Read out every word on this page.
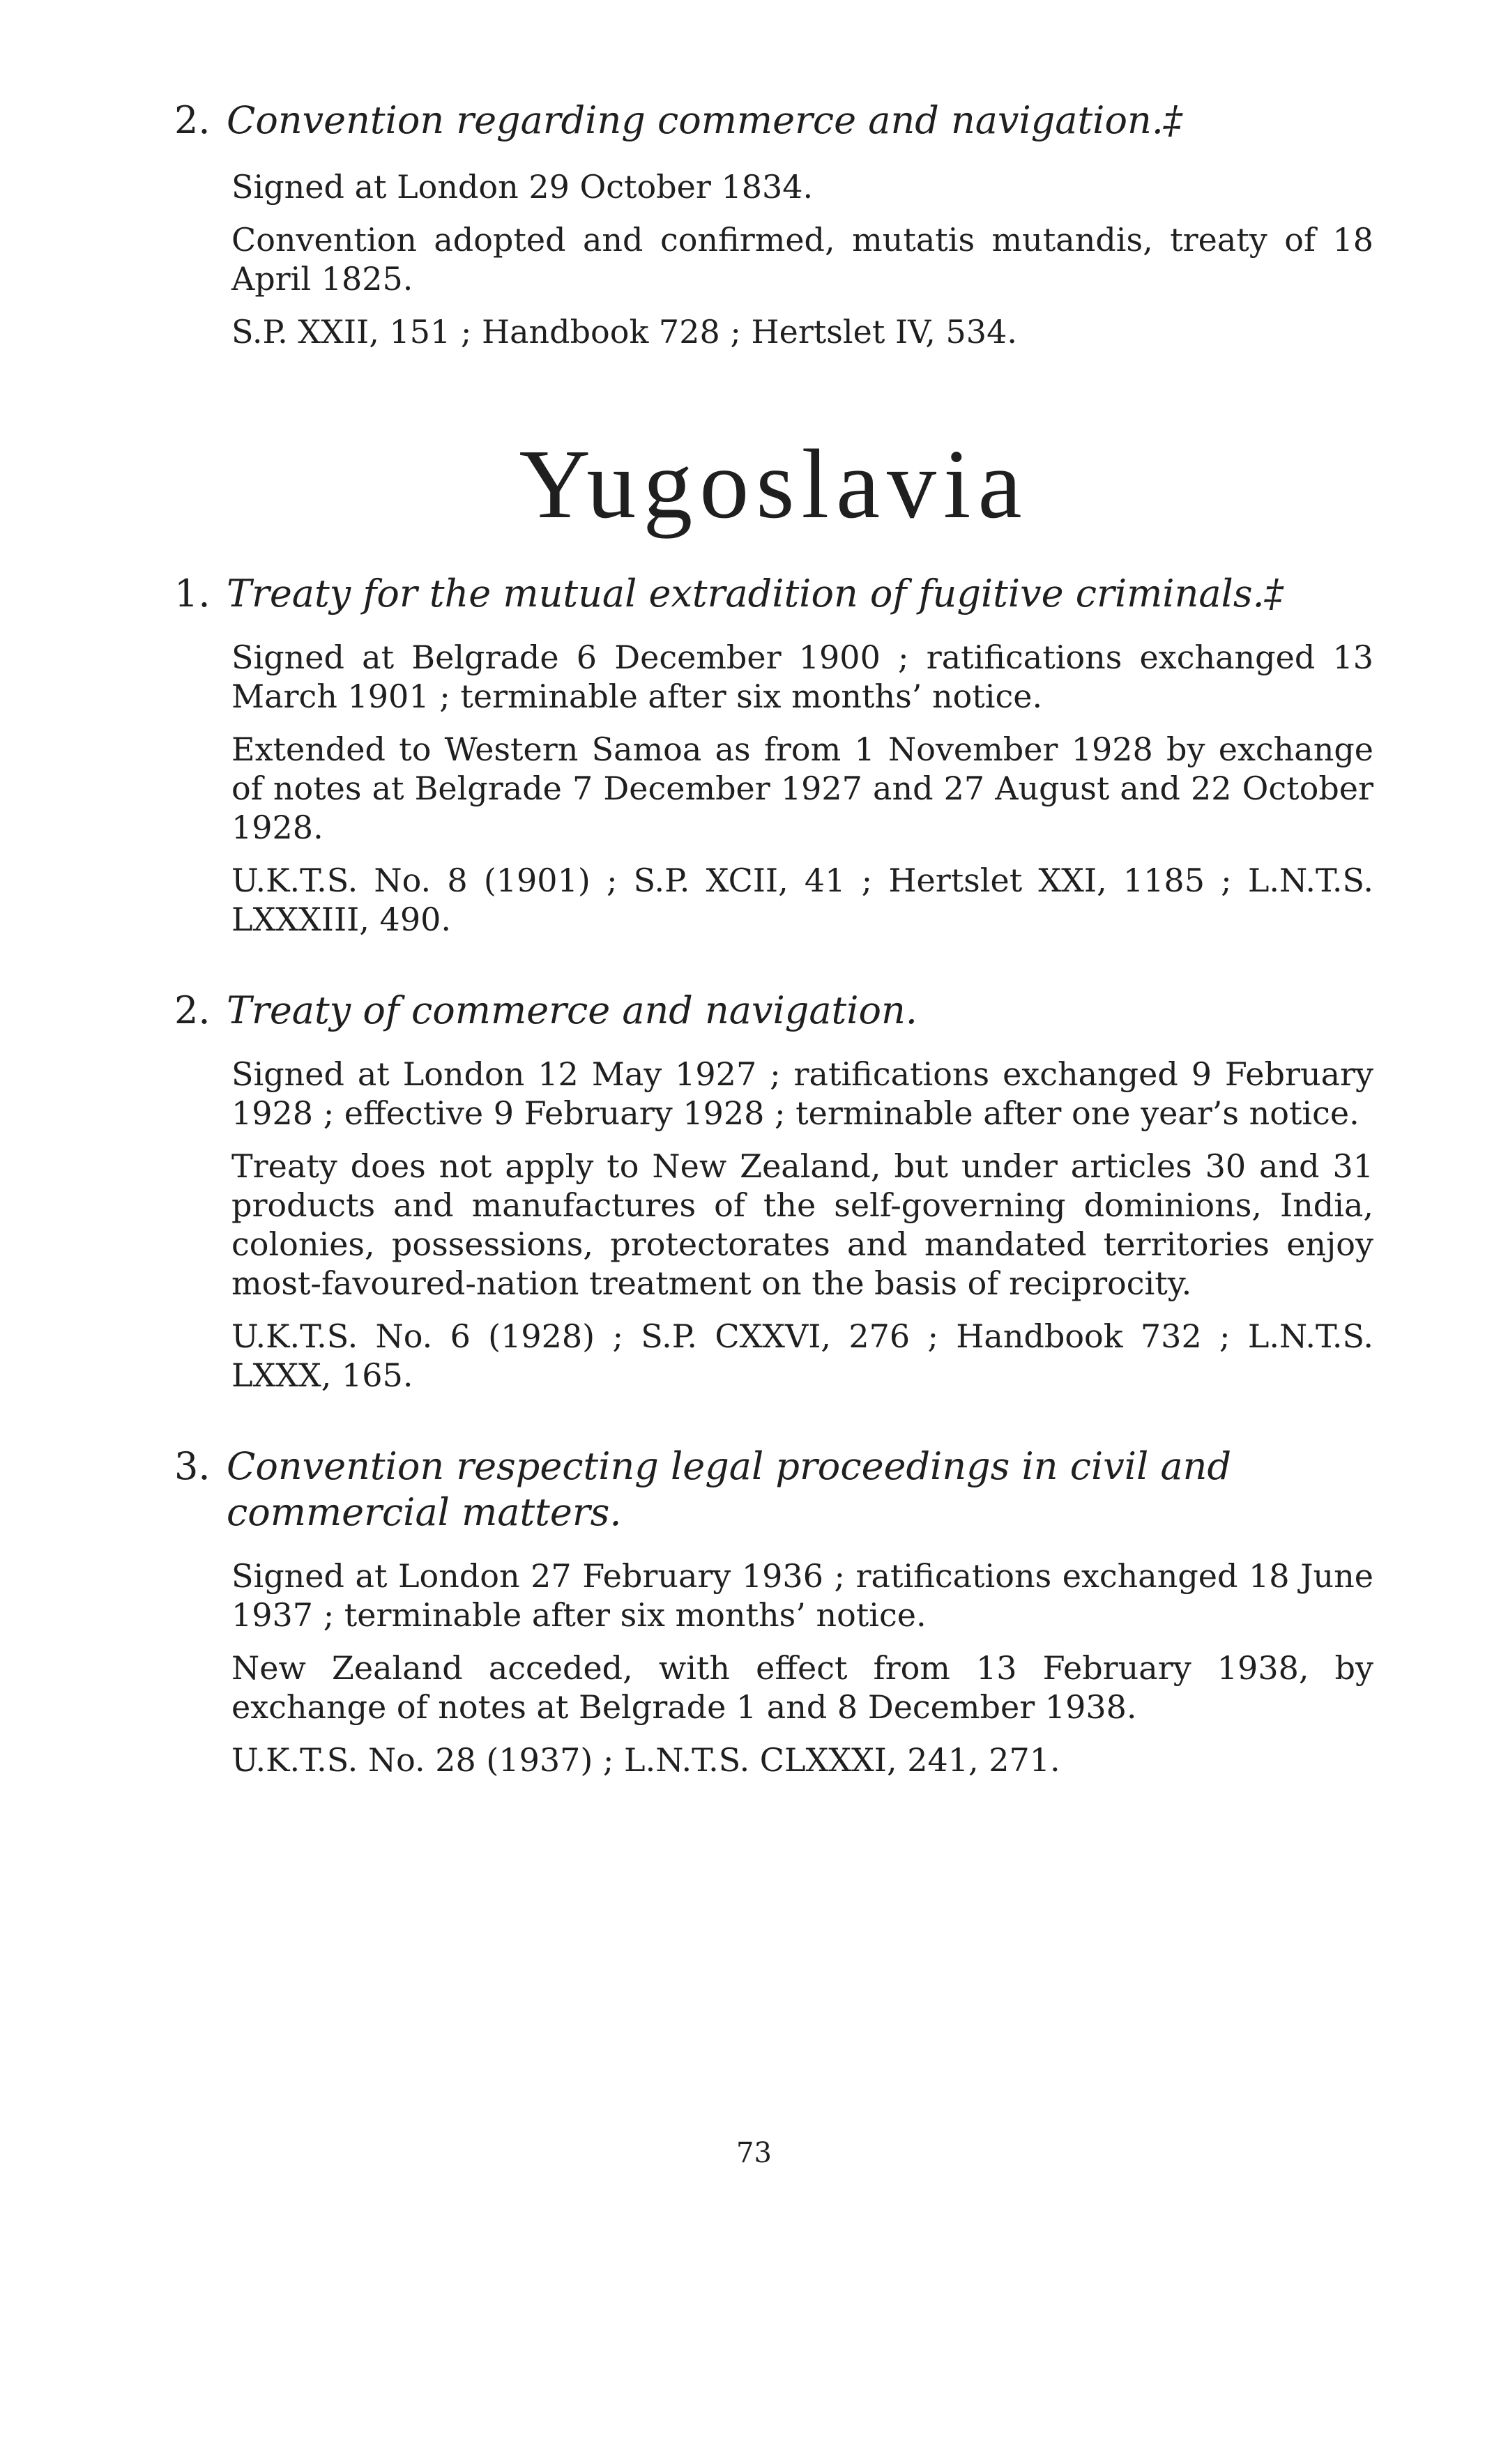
2. Convention regarding commerce and navigation.‡

Signed at London 29 October 1834.

Convention adopted and confirmed, mutatis mutandis, treaty of 18 April 1825.

S.P. XXII, 151 ; Handbook 728 ; Hertslet IV, 534.

Yugoslavia
1. Treaty for the mutual extradition of fugitive criminals.‡

Signed at Belgrade 6 December 1900 ; ratifications exchanged 13 March 1901 ; terminable after six months’ notice.

Extended to Western Samoa as from 1 November 1928 by exchange of notes at Belgrade 7 December 1927 and 27 August and 22 October 1928.

U.K.T.S. No. 8 (1901) ; S.P. XCII, 41 ; Hertslet XXI, 1185 ; L.N.T.S. LXXXIII, 490.

2. Treaty of commerce and navigation.

Signed at London 12 May 1927 ; ratifications exchanged 9 February 1928 ; effective 9 February 1928 ; terminable after one year’s notice.

Treaty does not apply to New Zealand, but under articles 30 and 31 products and manufactures of the self-governing dominions, India, colonies, possessions, protectorates and mandated territories enjoy most-favoured-nation treatment on the basis of reciprocity.

U.K.T.S. No. 6 (1928) ; S.P. CXXVI, 276 ; Handbook 732 ; L.N.T.S. LXXX, 165.

3. Convention respecting legal proceedings in civil and commercial matters.

Signed at London 27 February 1936 ; ratifications exchanged 18 June 1937 ; terminable after six months’ notice.

New Zealand acceded, with effect from 13 February 1938, by exchange of notes at Belgrade 1 and 8 December 1938.

U.K.T.S. No. 28 (1937) ; L.N.T.S. CLXXXI, 241, 271.

73
